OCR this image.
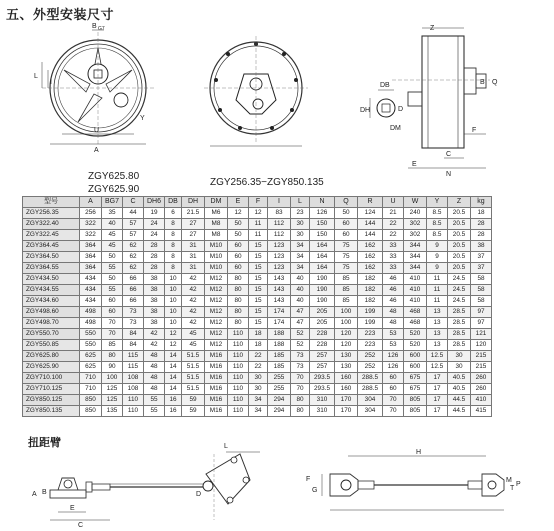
五、外型安装尺寸
B G7
L
I
U
Y
A
ZGY625.80
ZGY625.90
ZGY256.35−ZGY850.135
DB
DH	D
DM
Z
B Q
F
C
E
N
型号	A	BG7	C	DH6	DB	DH	DM	E	F	I	L	N	Q	R	U	W	Y	Z	kg
ZGY256.35	256	35	44	19	6	21.5	M6	12	12	83	23	126	50	124	21	240	8.5	20.5	18
ZGY322.40	322	40	57	24	8	27	M8	50	11	112	30	150	60	144	22	302	8.5	20.5	28
ZGY322.45	322	45	57	24	8	27	M8	50	11	112	30	150	60	144	22	302	8.5	20.5	28
ZGY364.45	364	45	62	28	8	31	M10	60	15	123	34	164	75	162	33	344	9	20.5	38
ZGY364.50	364	50	62	28	8	31	M10	60	15	123	34	164	75	162	33	344	9	20.5	37
ZGY364.55	364	55	62	28	8	31	M10	60	15	123	34	164	75	162	33	344	9	20.5	37
ZGY434.50	434	50	66	38	10	42	M12	80	15	143	40	190	85	182	46	410	11	24.5	58
ZGY434.55	434	55	66	38	10	42	M12	80	15	143	40	190	85	182	46	410	11	24.5	58
ZGY434.60	434	60	66	38	10	42	M12	80	15	143	40	190	85	182	46	410	11	24.5	58
ZGY498.60	498	60	73	38	10	42	M12	80	15	174	47	205	100	199	48	468	13	28.5	97
ZGY498.70	498	70	73	38	10	42	M12	80	15	174	47	205	100	199	48	468	13	28.5	97
ZGY550.70	550	70	84	42	12	45	M12	110	18	188	52	228	120	223	53	520	13	28.5	121
ZGY550.85	550	85	84	42	12	45	M12	110	18	188	52	228	120	223	53	520	13	28.5	120
ZGY625.80	625	80	115	48	14	51.5	M16	110	22	185	73	257	130	252	126	600	12.5	30	215
ZGY625.90	625	90	115	48	14	51.5	M16	110	22	185	73	257	130	252	126	600	12.5	30	215
ZGY710.100	710	100	108	48	14	51.5	M16	110	30	255	70	293.5	160	288.5	60	675	17	40.5	260
ZGY710.125	710	125	108	48	14	51.5	M16	110	30	255	70	293.5	160	288.5	60	675	17	40.5	260
ZGY850.125	850	125	110	55	16	59	M16	110	34	294	80	310	170	304	70	805	17	44.5	410
ZGY850.135	850	135	110	55	16	59	M16	110	34	294	80	310	170	304	70	805	17	44.5	415
扭距臂	L
A B	D
E
C
H
F
G
M
T
P
